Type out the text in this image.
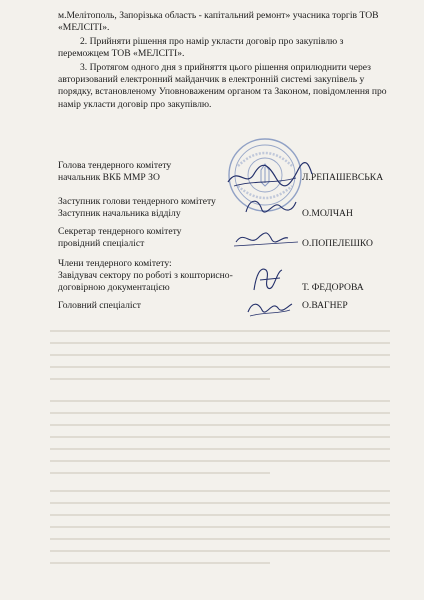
м.Мелітополь, Запорізька область - капітальний ремонт» учасника торгів ТОВ «МЕЛСІТІ».

2. Прийняти рішення про намір укласти договір про закупівлю з переможцем ТОВ «МЕЛСІТІ».

3. Протягом одного дня з прийняття цього рішення оприлюднити через авторизований електронний майданчик в електронній системі закупівель у порядку, встановленому Уповноваженим органом та Законом, повідомлення про намір укласти договір про закупівлю.

Голова тендерного комітету
начальник ВКБ ММР ЗО	Л.РЕПАШЕВСЬКА
Заступник голови тендерного комітету
Заступник начальника відділу	О.МОЛЧАН
Секретар тендерного комітету
провідний спеціаліст	О.ПОПЕЛЕШКО
Члени тендерного комітету:
Завідувач сектору по роботі з кошторисно-
договірною документацією	Т. ФЕДОРОВА
Головний спеціаліст	О.ВАГНЕР
